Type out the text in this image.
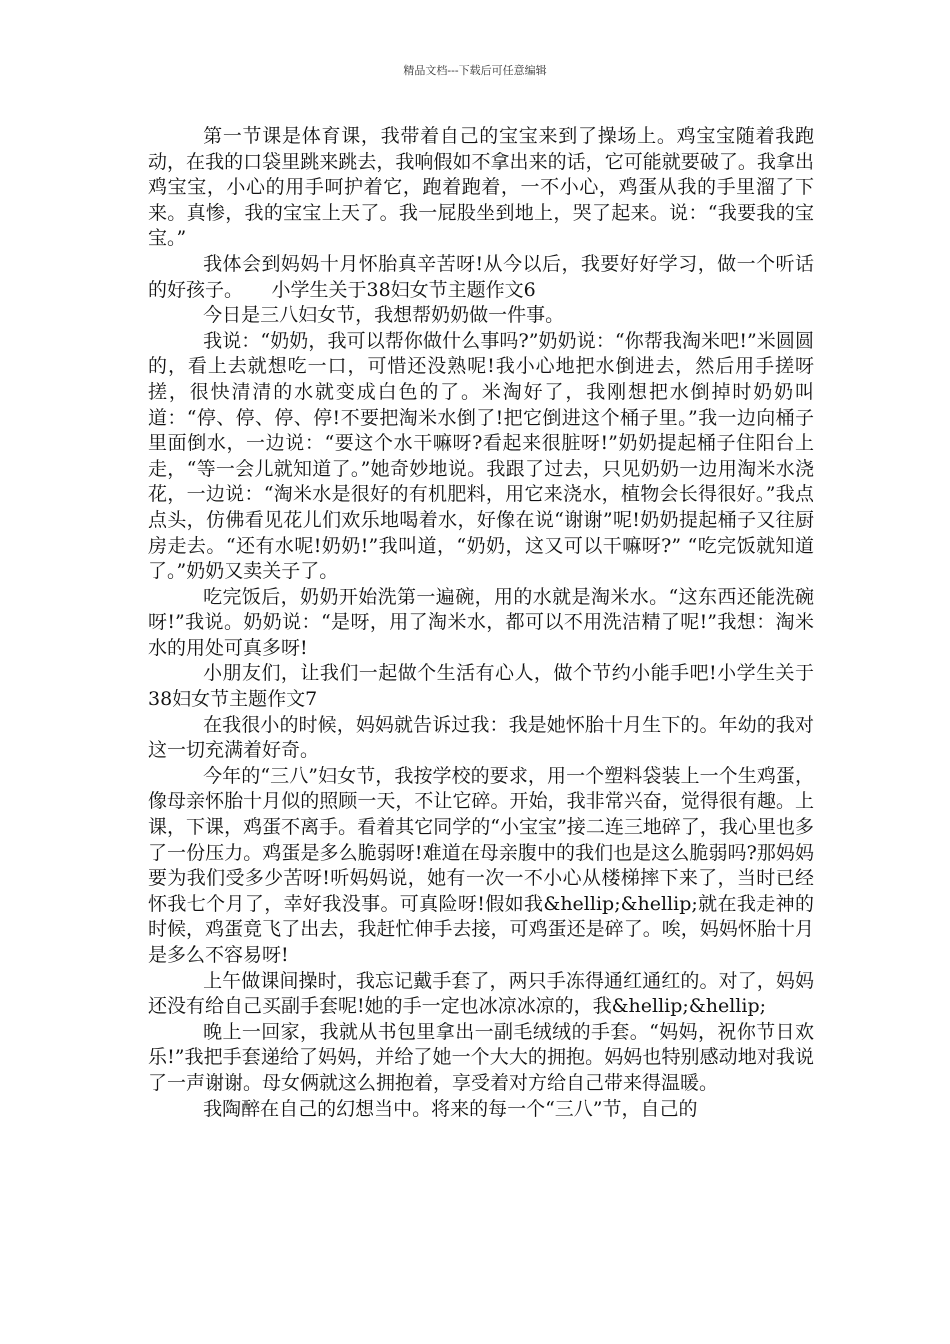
精品文档---下载后可任意编辑

第一节课是体育课，我带着自己的宝宝来到了操场上。鸡宝宝随着我跑动，在我的口袋里跳来跳去，我响假如不拿出来的话，它可能就要破了。我拿出鸡宝宝，小心的用手呵护着它，跑着跑着，一不小心，鸡蛋从我的手里溜了下来。真惨，我的宝宝上天了。我一屁股坐到地上，哭了起来。说：“我要我的宝宝。”

我体会到妈妈十月怀胎真辛苦呀!从今以后，我要好好学习，做一个听话的好孩子。　　小学生关于38妇女节主题作文6

今日是三八妇女节，我想帮奶奶做一件事。

我说：“奶奶，我可以帮你做什么事吗?”奶奶说：“你帮我淘米吧!”米圆圆的，看上去就想吃一口，可惜还没熟呢!我小心地把水倒进去，然后用手搓呀搓，很快清清的水就变成白色的了。米淘好了，我刚想把水倒掉时奶奶叫道：“停、停、停、停!不要把淘米水倒了!把它倒进这个桶子里。”我一边向桶子里面倒水，一边说：“要这个水干嘛呀?看起来很脏呀!”奶奶提起桶子住阳台上走，“等一会儿就知道了。”她奇妙地说。我跟了过去，只见奶奶一边用淘米水浇花，一边说：“淘米水是很好的有机肥料，用它来浇水，植物会长得很好。”我点点头，仿佛看见花儿们欢乐地喝着水，好像在说“谢谢”呢!奶奶提起桶子又往厨房走去。“还有水呢!奶奶!”我叫道，“奶奶，这又可以干嘛呀?” “吃完饭就知道了。”奶奶又卖关子了。

吃完饭后，奶奶开始洗第一遍碗，用的水就是淘米水。“这东西还能洗碗呀!”我说。奶奶说：“是呀，用了淘米水，都可以不用洗洁精了呢!”我想：淘米水的用处可真多呀!

小朋友们，让我们一起做个生活有心人，做个节约小能手吧!小学生关于38妇女节主题作文7

在我很小的时候，妈妈就告诉过我：我是她怀胎十月生下的。年幼的我对这一切充满着好奇。

今年的“三八”妇女节，我按学校的要求，用一个塑料袋装上一个生鸡蛋，像母亲怀胎十月似的照顾一天，不让它碎。开始，我非常兴奋，觉得很有趣。上课，下课，鸡蛋不离手。看着其它同学的“小宝宝”接二连三地碎了，我心里也多了一份压力。鸡蛋是多么脆弱呀!难道在母亲腹中的我们也是这么脆弱吗?那妈妈要为我们受多少苦呀!听妈妈说，她有一次一不小心从楼梯摔下来了，当时已经怀我七个月了，幸好我没事。可真险呀!假如我&hellip;&hellip;就在我走神的时候，鸡蛋竟飞了出去，我赶忙伸手去接，可鸡蛋还是碎了。唉，妈妈怀胎十月是多么不容易呀!

上午做课间操时，我忘记戴手套了，两只手冻得通红通红的。对了，妈妈还没有给自己买副手套呢!她的手一定也冰凉冰凉的，我&hellip;&hellip;

晚上一回家，我就从书包里拿出一副毛绒绒的手套。“妈妈，祝你节日欢乐!”我把手套递给了妈妈，并给了她一个大大的拥抱。妈妈也特别感动地对我说了一声谢谢。母女俩就这么拥抱着，享受着对方给自己带来得温暖。

我陶醉在自己的幻想当中。将来的每一个“三八”节，自己的
